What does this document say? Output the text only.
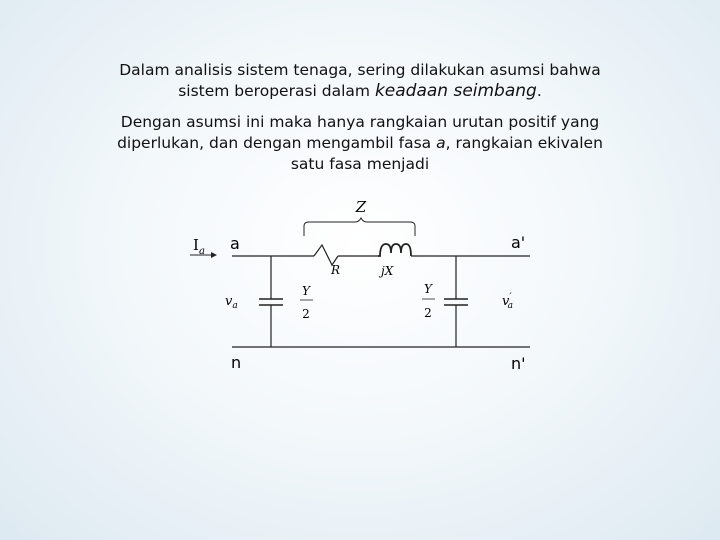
Dalam analisis sistem tenaga, sering dilakukan asumsi bahwa
sistem beroperasi dalam keadaan seimbang.
Dengan asumsi ini maka hanya rangkaian urutan positif yang
diperlukan, dan dengan mengambil fasa a, rangkaian ekivalen
satu fasa menjadi
Z
$I_a$ a	a'
n	n'
R	jX
$v_a$	v′ a
Y
2
Y
2
